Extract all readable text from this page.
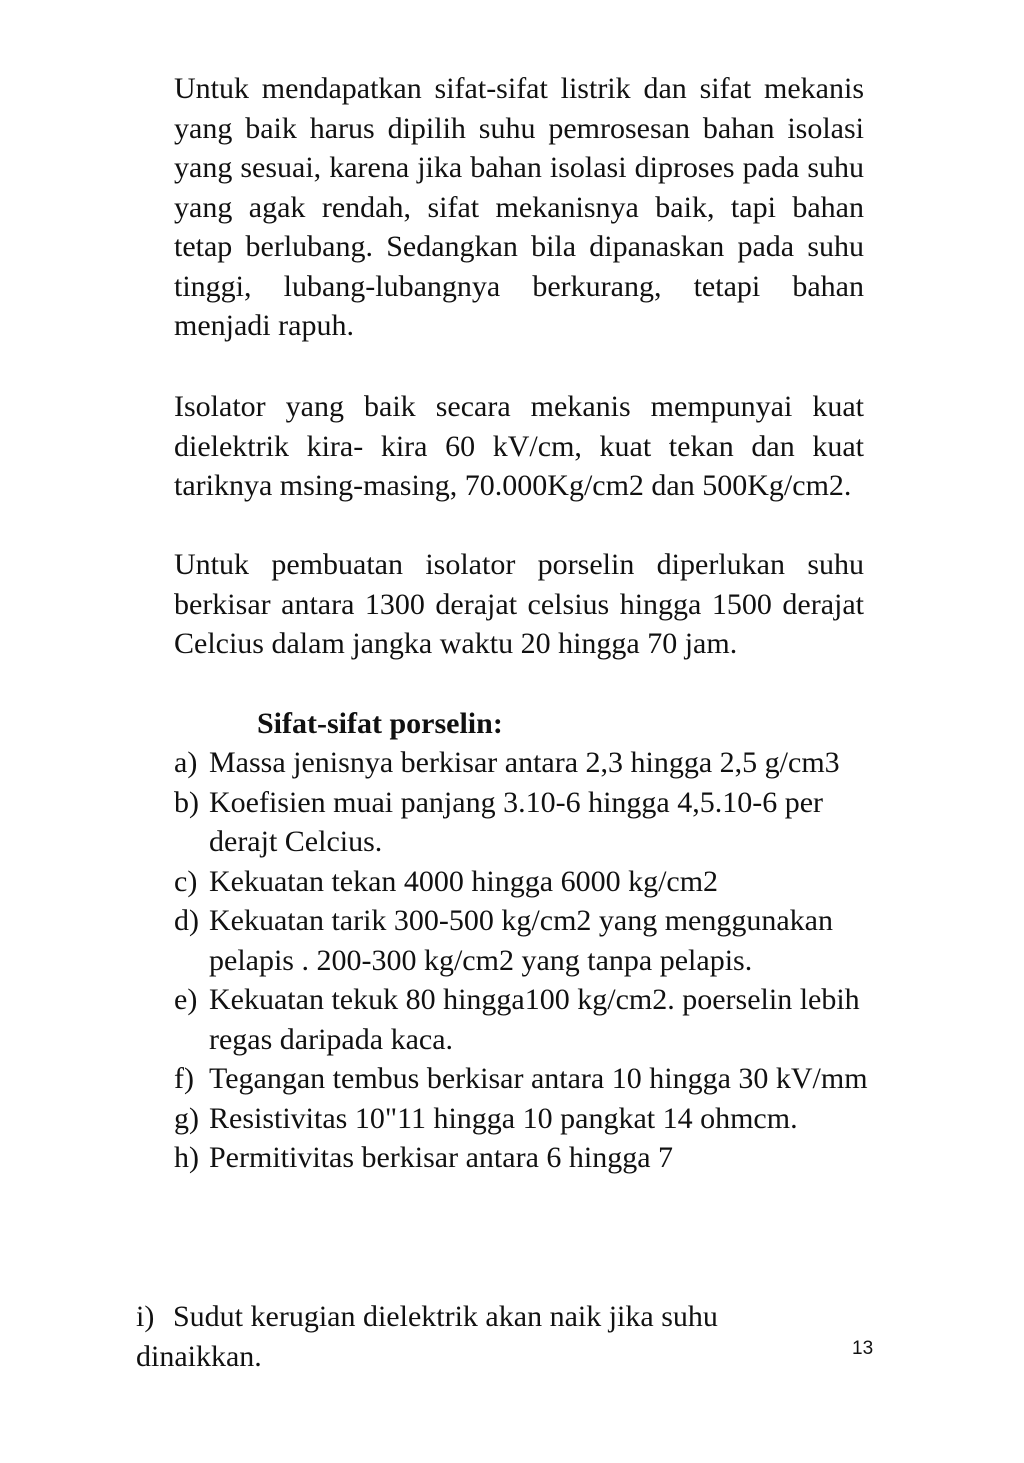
Untuk mendapatkan sifat-sifat listrik dan sifat mekanis yang baik harus dipilih suhu pemrosesan bahan isolasi yang sesuai, karena jika bahan isolasi diproses pada suhu yang agak rendah, sifat mekanisnya baik, tapi bahan tetap berlubang. Sedangkan bila dipanaskan pada suhu tinggi, lubang-lubangnya berkurang, tetapi bahan menjadi rapuh.

Isolator yang baik secara mekanis mempunyai kuat dielektrik kira- kira 60 kV/cm, kuat tekan dan kuat tariknya msing-masing, 70.000Kg/cm2 dan 500Kg/cm2.

Untuk pembuatan isolator porselin diperlukan suhu berkisar antara 1300 derajat celsius hingga 1500 derajat Celcius dalam jangka waktu 20 hingga 70 jam.

Sifat-sifat porselin:
a) Massa jenisnya berkisar antara 2,3 hingga 2,5 g/cm3
b) Koefisien muai panjang 3.10-6 hingga 4,5.10-6 per derajt Celcius.
c) Kekuatan tekan 4000 hingga 6000 kg/cm2
d) Kekuatan tarik 300-500 kg/cm2 yang menggunakan pelapis . 200-300 kg/cm2 yang tanpa pelapis.
e) Kekuatan tekuk 80 hingga100 kg/cm2. poerselin lebih regas daripada kaca.
f) Tegangan tembus berkisar antara 10 hingga 30 kV/mm
g) Resistivitas 10"11 hingga 10 pangkat 14 ohmcm.
h) Permitivitas berkisar antara 6 hingga 7

i) Sudut kerugian dielektrik akan naik jika suhu dinaikkan.	13
